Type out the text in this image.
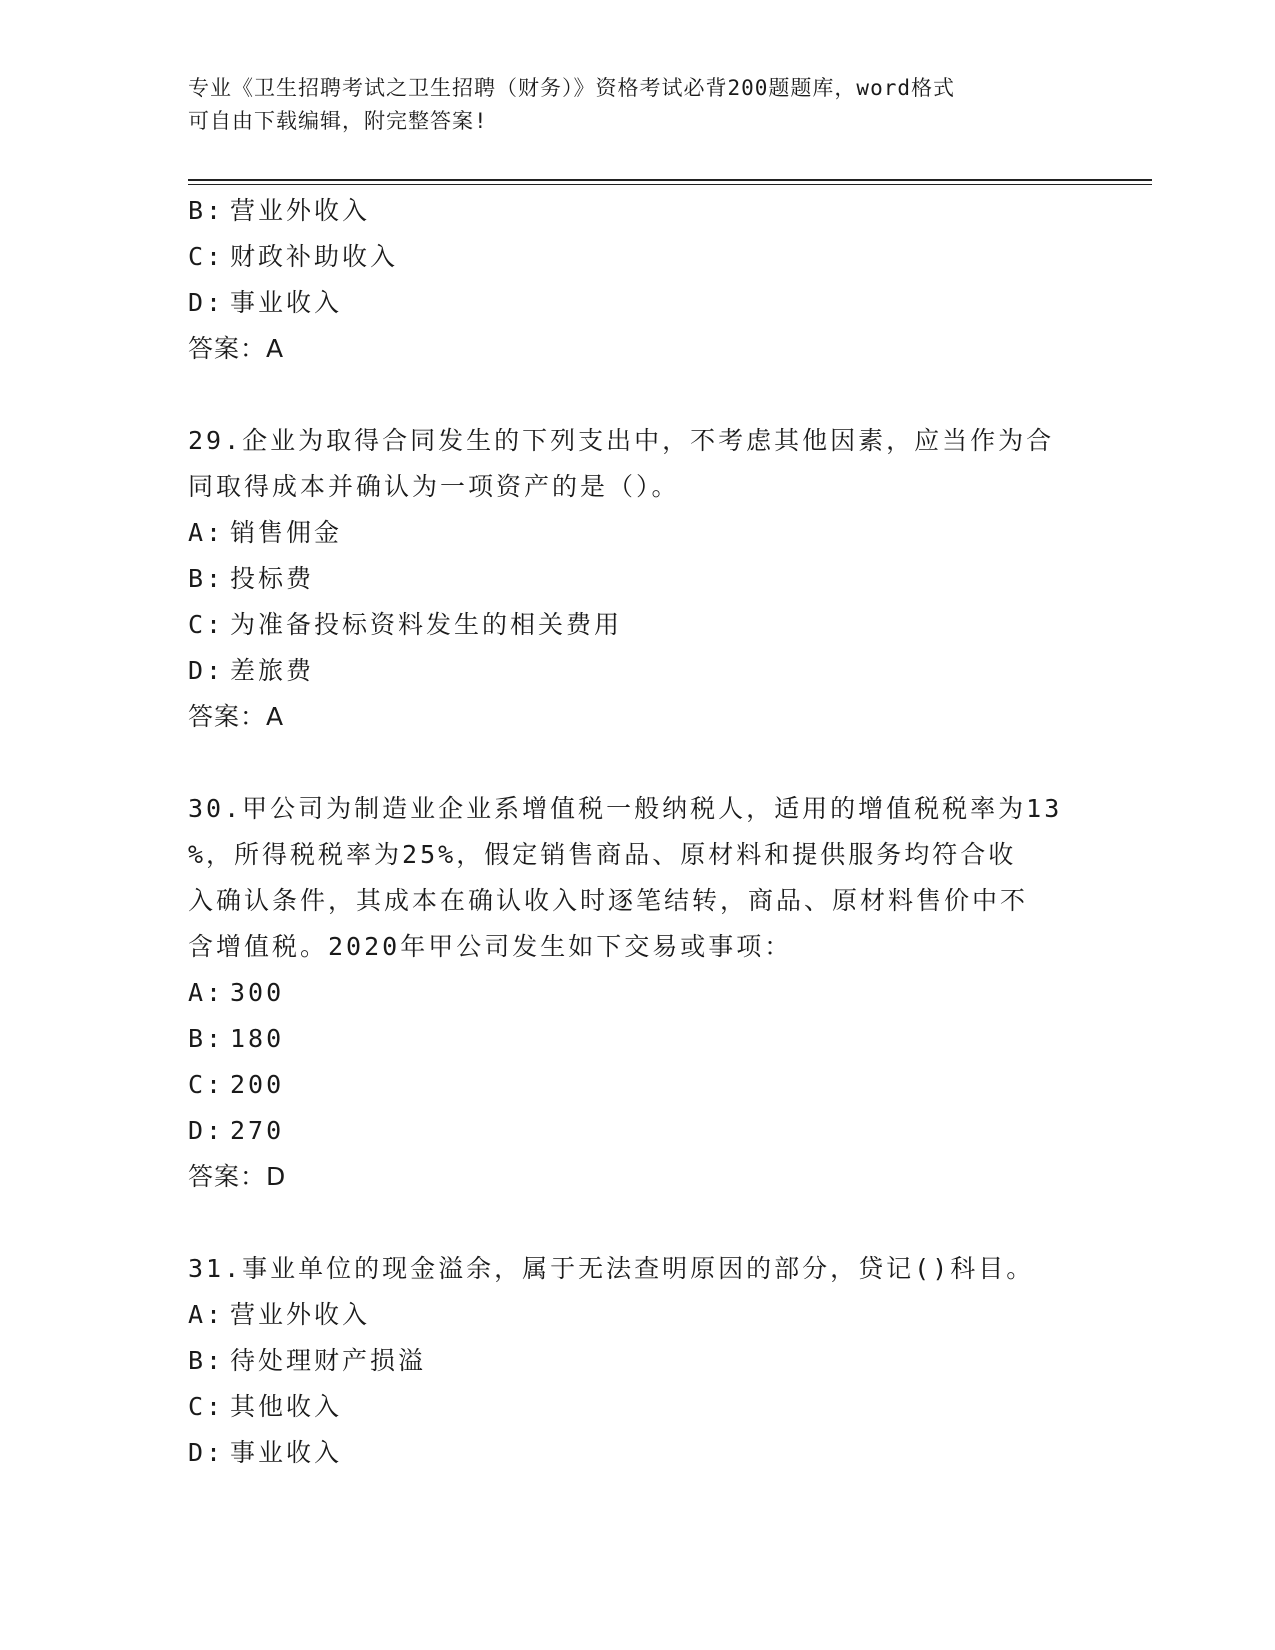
专业《卫生招聘考试之卫生招聘（财务）》资格考试必背200题题库，word格式
可自由下载编辑，附完整答案!
B: 营业外收入
C: 财政补助收入
D: 事业收入
答案：A
29.企业为取得合同发生的下列支出中，不考虑其他因素，应当作为合
同取得成本并确认为一项资产的是（）。
A: 销售佣金
B: 投标费
C: 为准备投标资料发生的相关费用
D: 差旅费
答案：A
30.甲公司为制造业企业系增值税一般纳税人，适用的增值税税率为13
%，所得税税率为25%，假定销售商品、原材料和提供服务均符合收
入确认条件，其成本在确认收入时逐笔结转，商品、原材料售价中不
含增值税。2020年甲公司发生如下交易或事项：
A: 300
B: 180
C: 200
D: 270
答案：D
31.事业单位的现金溢余，属于无法查明原因的部分，贷记()科目。
A: 营业外收入
B: 待处理财产损溢
C: 其他收入
D: 事业收入
